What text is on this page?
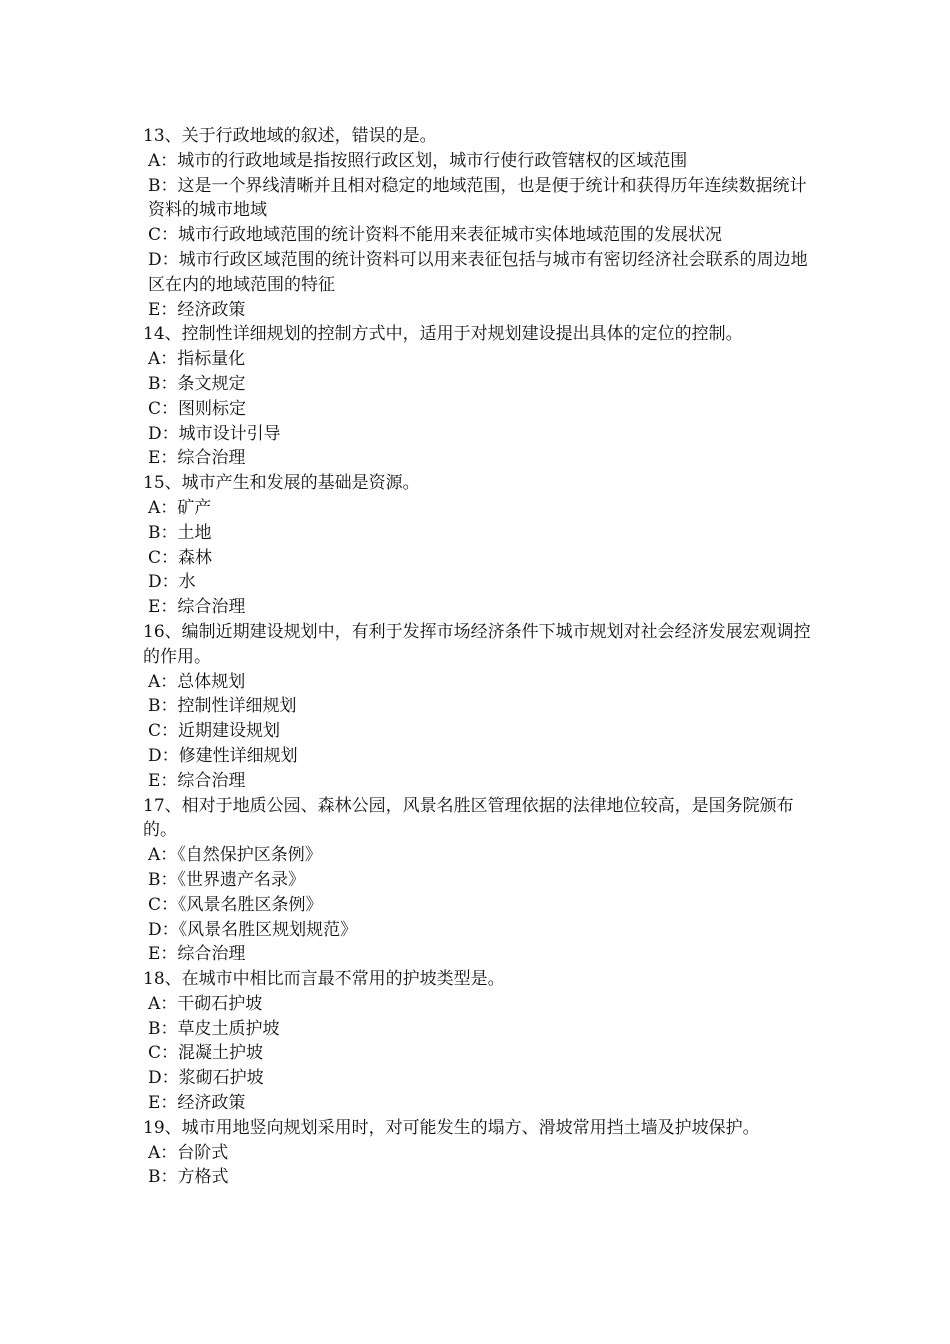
13、关于行政地域的叙述，错误的是。
A：城市的行政地域是指按照行政区划，城市行使行政管辖权的区域范围
B：这是一个界线清晰并且相对稳定的地域范围，也是便于统计和获得历年连续数据统计资料的城市地域
C：城市行政地域范围的统计资料不能用来表征城市实体地域范围的发展状况
D：城市行政区域范围的统计资料可以用来表征包括与城市有密切经济社会联系的周边地区在内的地域范围的特征
E：经济政策
14、控制性详细规划的控制方式中，适用于对规划建设提出具体的定位的控制。
A：指标量化
B：条文规定
C：图则标定
D：城市设计引导
E：综合治理
15、城市产生和发展的基础是资源。
A：矿产
B：土地
C：森林
D：水
E：综合治理
16、编制近期建设规划中，有利于发挥市场经济条件下城市规划对社会经济发展宏观调控的作用。
A：总体规划
B：控制性详细规划
C：近期建设规划
D：修建性详细规划
E：综合治理
17、相对于地质公园、森林公园，风景名胜区管理依据的法律地位较高，是国务院颁布的。
A：《自然保护区条例》
B：《世界遗产名录》
C：《风景名胜区条例》
D：《风景名胜区规划规范》
E：综合治理
18、在城市中相比而言最不常用的护坡类型是。
A：干砌石护坡
B：草皮土质护坡
C：混凝土护坡
D：浆砌石护坡
E：经济政策
19、城市用地竖向规划采用时，对可能发生的塌方、滑坡常用挡土墙及护坡保护。
A：台阶式
B：方格式
